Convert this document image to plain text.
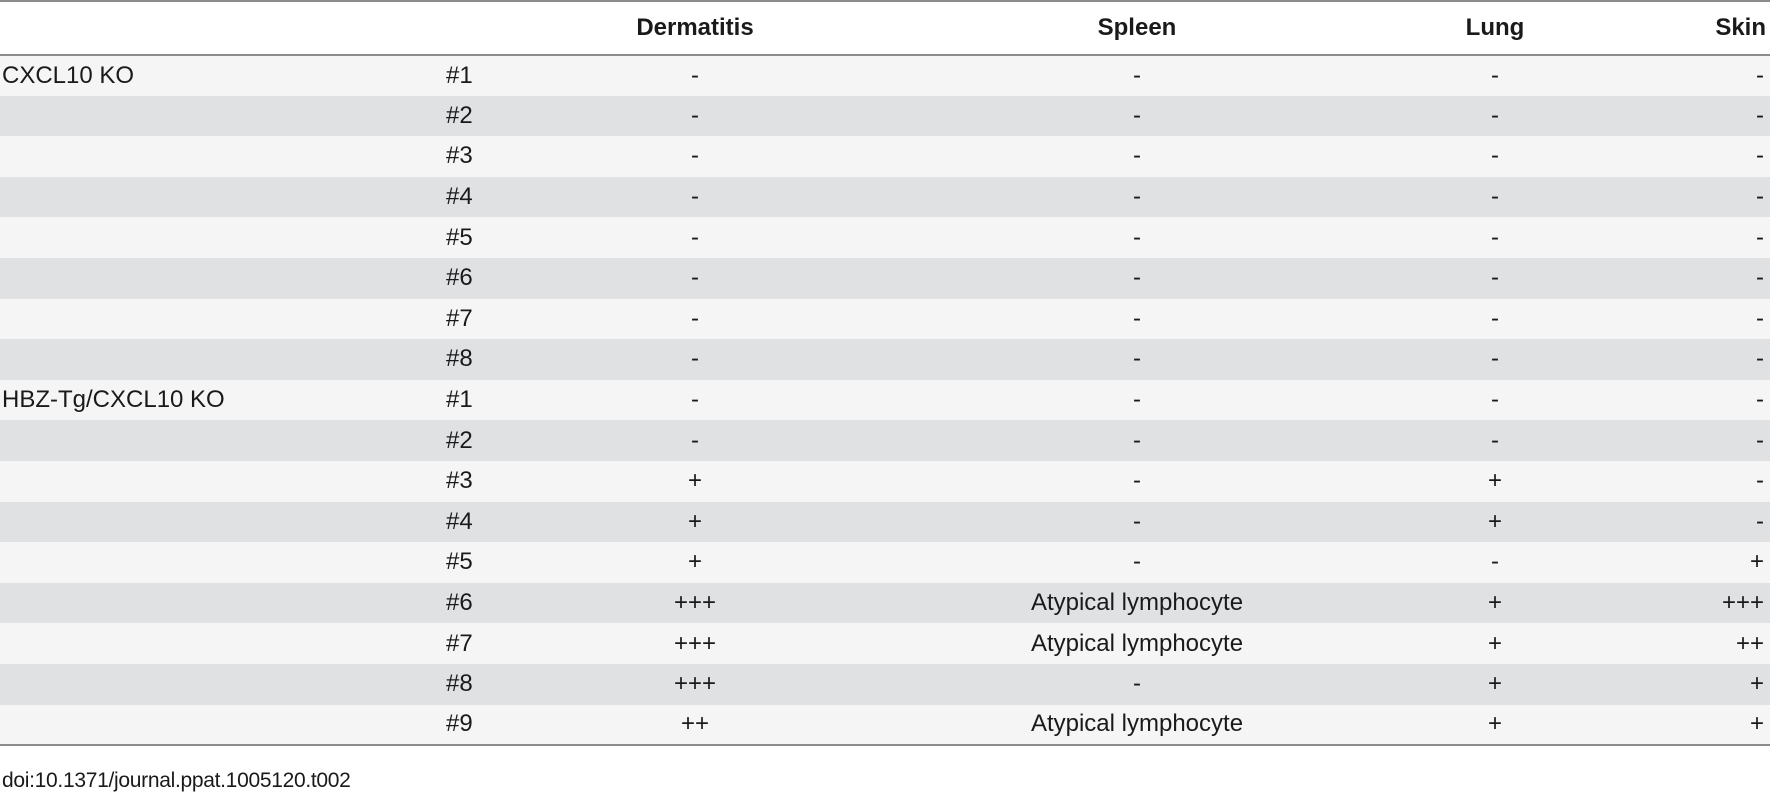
		Dermatitis	Spleen	Lung	Skin
CXCL10 KO	#1	-	-	-	-
	#2	-	-	-	-
	#3	-	-	-	-
	#4	-	-	-	-
	#5	-	-	-	-
	#6	-	-	-	-
	#7	-	-	-	-
	#8	-	-	-	-
HBZ-Tg/CXCL10 KO	#1	-	-	-	-
	#2	-	-	-	-
	#3	+	-	+	-
	#4	+	-	+	-
	#5	+	-	-	+
	#6	+++	Atypical lymphocyte	+	+++
	#7	+++	Atypical lymphocyte	+	++
	#8	+++	-	+	+
	#9	++	Atypical lymphocyte	+	+
doi:10.1371/journal.ppat.1005120.t002
